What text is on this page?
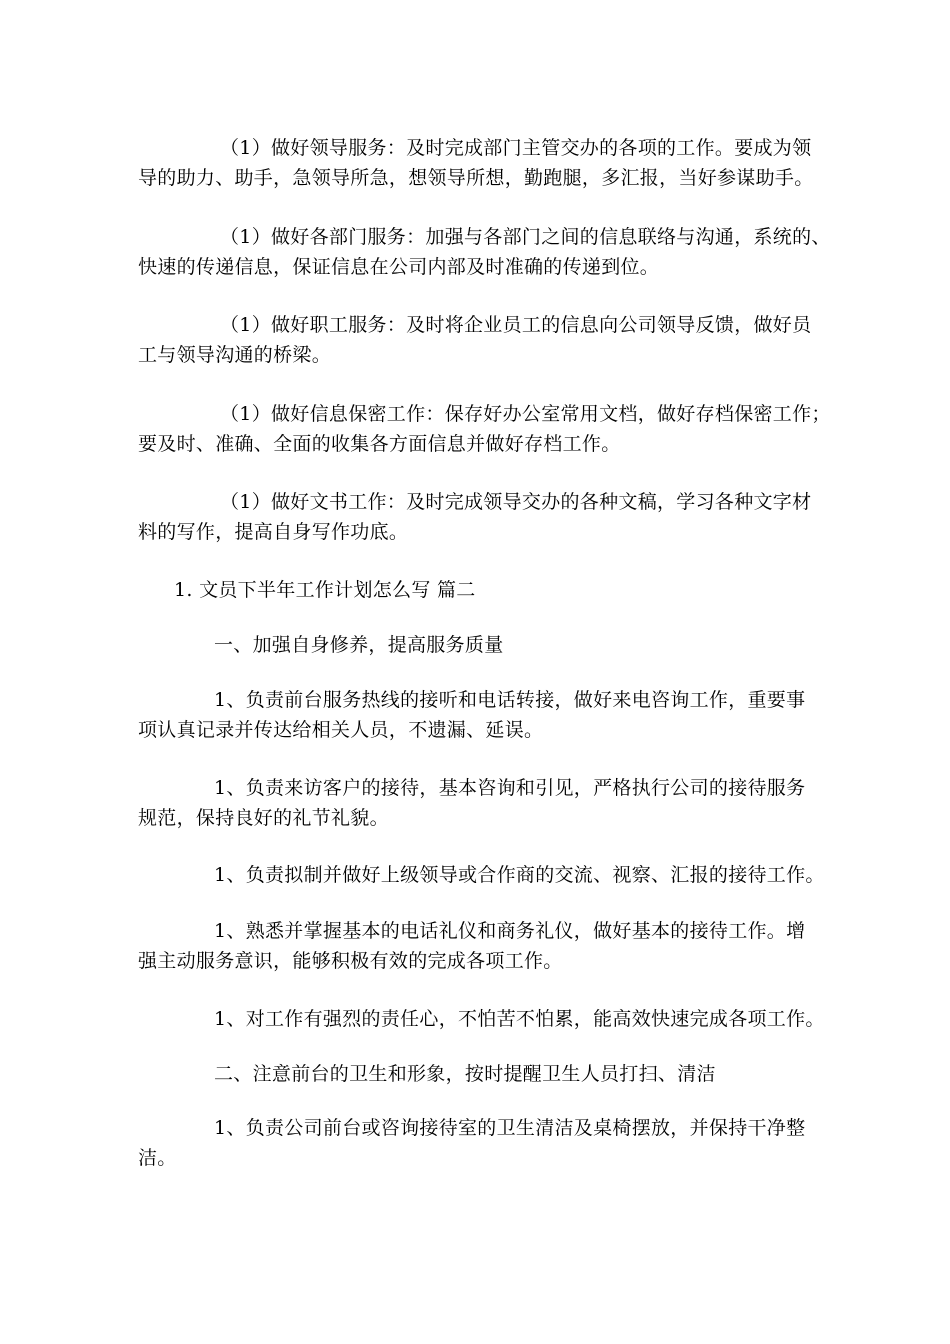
（1）做好领导服务：及时完成部门主管交办的各项的工作。要成为领
导的助力、助手，急领导所急，想领导所想，勤跑腿，多汇报，当好参谋助手。

（1）做好各部门服务：加强与各部门之间的信息联络与沟通，系统的、
快速的传递信息，保证信息在公司内部及时准确的传递到位。

（1）做好职工服务：及时将企业员工的信息向公司领导反馈，做好员
工与领导沟通的桥梁。

（1）做好信息保密工作：保存好办公室常用文档，做好存档保密工作；
要及时、准确、全面的收集各方面信息并做好存档工作。

（1）做好文书工作：及时完成领导交办的各种文稿，学习各种文字材
料的写作，提高自身写作功底。

1. 文员下半年工作计划怎么写 篇二

一、加强自身修养，提高服务质量

1、负责前台服务热线的接听和电话转接，做好来电咨询工作，重要事
项认真记录并传达给相关人员，不遗漏、延误。

1、负责来访客户的接待，基本咨询和引见，严格执行公司的接待服务
规范，保持良好的礼节礼貌。

1、负责拟制并做好上级领导或合作商的交流、视察、汇报的接待工作。

1、熟悉并掌握基本的电话礼仪和商务礼仪，做好基本的接待工作。增
强主动服务意识，能够积极有效的完成各项工作。

1、对工作有强烈的责任心，不怕苦不怕累，能高效快速完成各项工作。

二、注意前台的卫生和形象，按时提醒卫生人员打扫、清洁

1、负责公司前台或咨询接待室的卫生清洁及桌椅摆放，并保持干净整
洁。
